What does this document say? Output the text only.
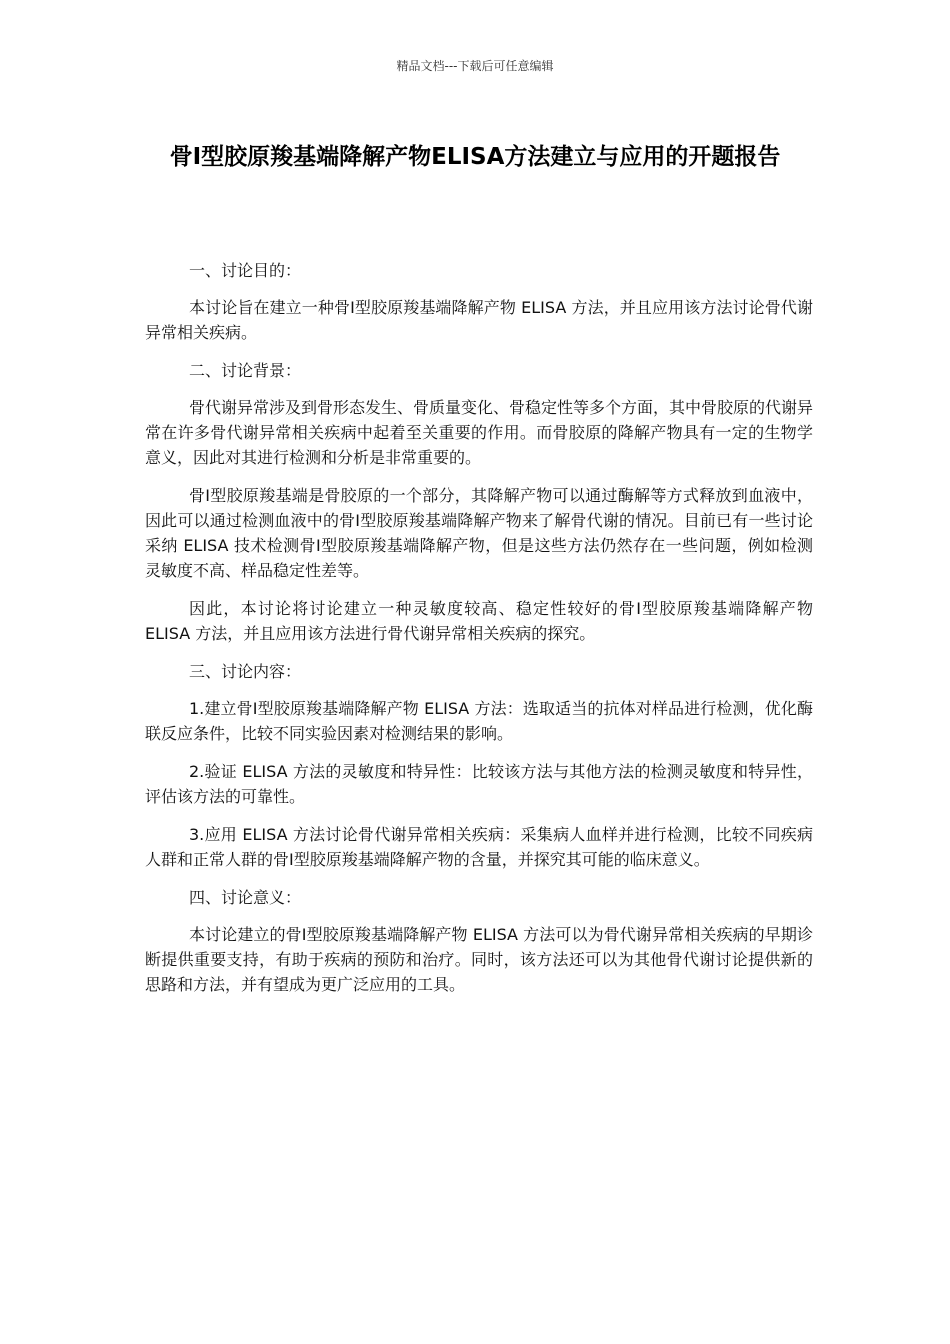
精品文档---下载后可任意编辑
骨Ⅰ型胶原羧基端降解产物ELISA方法建立与应用的开题报告

一、讨论目的：

本讨论旨在建立一种骨Ⅰ型胶原羧基端降解产物 ELISA 方法，并且应用该方法讨论骨代谢异常相关疾病。

二、讨论背景：

骨代谢异常涉及到骨形态发生、骨质量变化、骨稳定性等多个方面，其中骨胶原的代谢异常在许多骨代谢异常相关疾病中起着至关重要的作用。而骨胶原的降解产物具有一定的生物学意义，因此对其进行检测和分析是非常重要的。

骨Ⅰ型胶原羧基端是骨胶原的一个部分，其降解产物可以通过酶解等方式释放到血液中，因此可以通过检测血液中的骨Ⅰ型胶原羧基端降解产物来了解骨代谢的情况。目前已有一些讨论采纳 ELISA 技术检测骨Ⅰ型胶原羧基端降解产物，但是这些方法仍然存在一些问题，例如检测灵敏度不高、样品稳定性差等。

因此，本讨论将讨论建立一种灵敏度较高、稳定性较好的骨Ⅰ型胶原羧基端降解产物 ELISA 方法，并且应用该方法进行骨代谢异常相关疾病的探究。

三、讨论内容：

1.建立骨Ⅰ型胶原羧基端降解产物 ELISA 方法：选取适当的抗体对样品进行检测，优化酶联反应条件，比较不同实验因素对检测结果的影响。

2.验证 ELISA 方法的灵敏度和特异性：比较该方法与其他方法的检测灵敏度和特异性，评估该方法的可靠性。

3.应用 ELISA 方法讨论骨代谢异常相关疾病：采集病人血样并进行检测，比较不同疾病人群和正常人群的骨Ⅰ型胶原羧基端降解产物的含量，并探究其可能的临床意义。

四、讨论意义：

本讨论建立的骨Ⅰ型胶原羧基端降解产物 ELISA 方法可以为骨代谢异常相关疾病的早期诊断提供重要支持，有助于疾病的预防和治疗。同时，该方法还可以为其他骨代谢讨论提供新的思路和方法，并有望成为更广泛应用的工具。
